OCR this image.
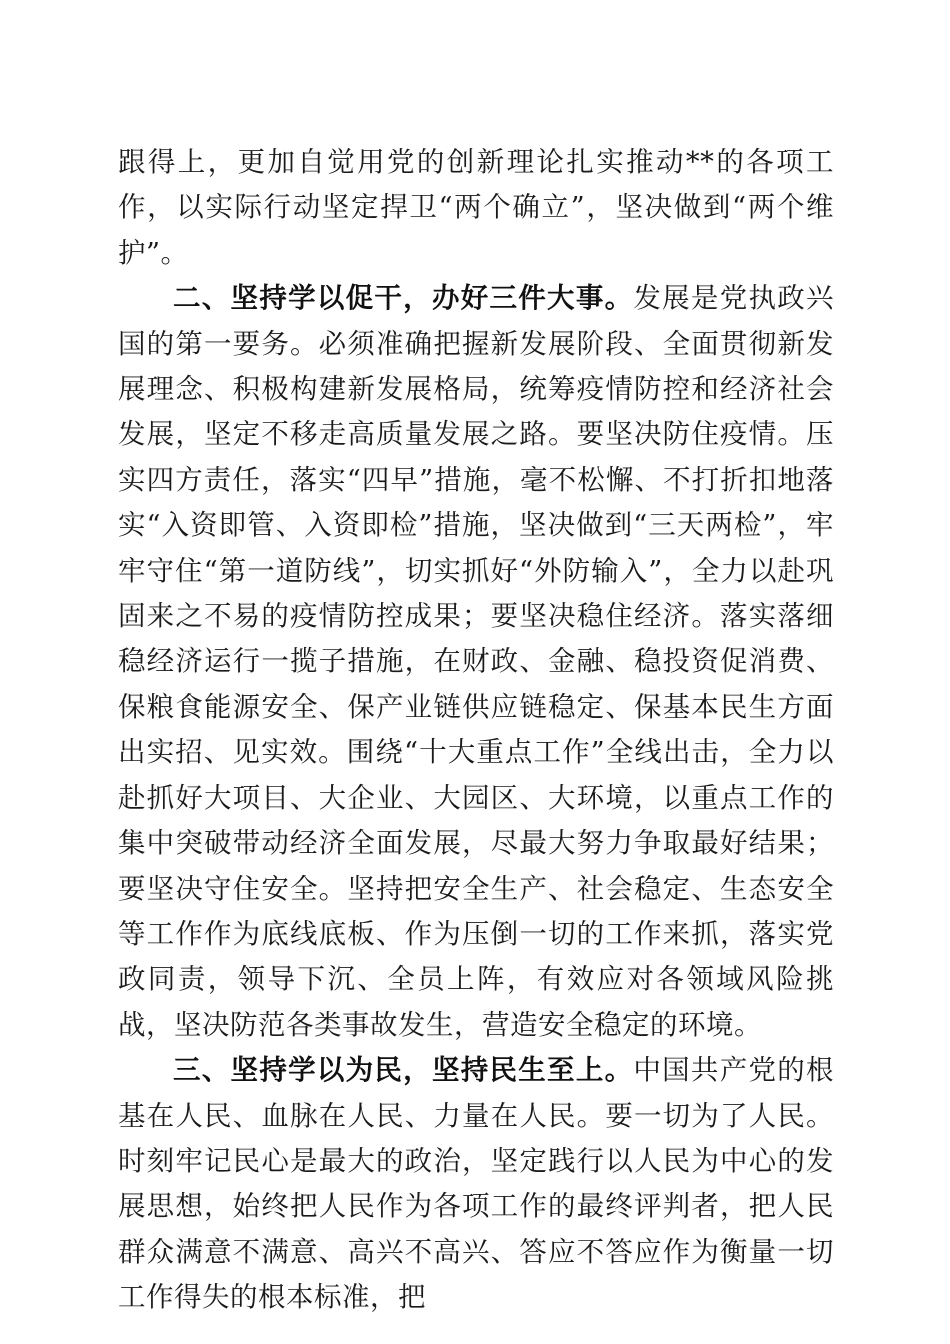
跟得上，更加自觉用党的创新理论扎实推动**的各项工作，以实际行动坚定捍卫“两个确立”，坚决做到“两个维护”。

二、坚持学以促干，办好三件大事。发展是党执政兴国的第一要务。必须准确把握新发展阶段、全面贯彻新发展理念、积极构建新发展格局，统筹疫情防控和经济社会发展，坚定不移走高质量发展之路。要坚决防住疫情。压实四方责任，落实“四早”措施，毫不松懈、不打折扣地落实“入资即管、入资即检”措施，坚决做到“三天两检”，牢牢守住“第一道防线”，切实抓好“外防输入”，全力以赴巩固来之不易的疫情防控成果；要坚决稳住经济。落实落细稳经济运行一揽子措施，在财政、金融、稳投资促消费、保粮食能源安全、保产业链供应链稳定、保基本民生方面出实招、见实效。围绕“十大重点工作”全线出击，全力以赴抓好大项目、大企业、大园区、大环境，以重点工作的集中突破带动经济全面发展，尽最大努力争取最好结果；要坚决守住安全。坚持把安全生产、社会稳定、生态安全等工作作为底线底板、作为压倒一切的工作来抓，落实党政同责，领导下沉、全员上阵，有效应对各领域风险挑战，坚决防范各类事故发生，营造安全稳定的环境。

三、坚持学以为民，坚持民生至上。中国共产党的根基在人民、血脉在人民、力量在人民。要一切为了人民。时刻牢记民心是最大的政治，坚定践行以人民为中心的发展思想，始终把人民作为各项工作的最终评判者，把人民群众满意不满意、高兴不高兴、答应不答应作为衡量一切工作得失的根本标准，把
